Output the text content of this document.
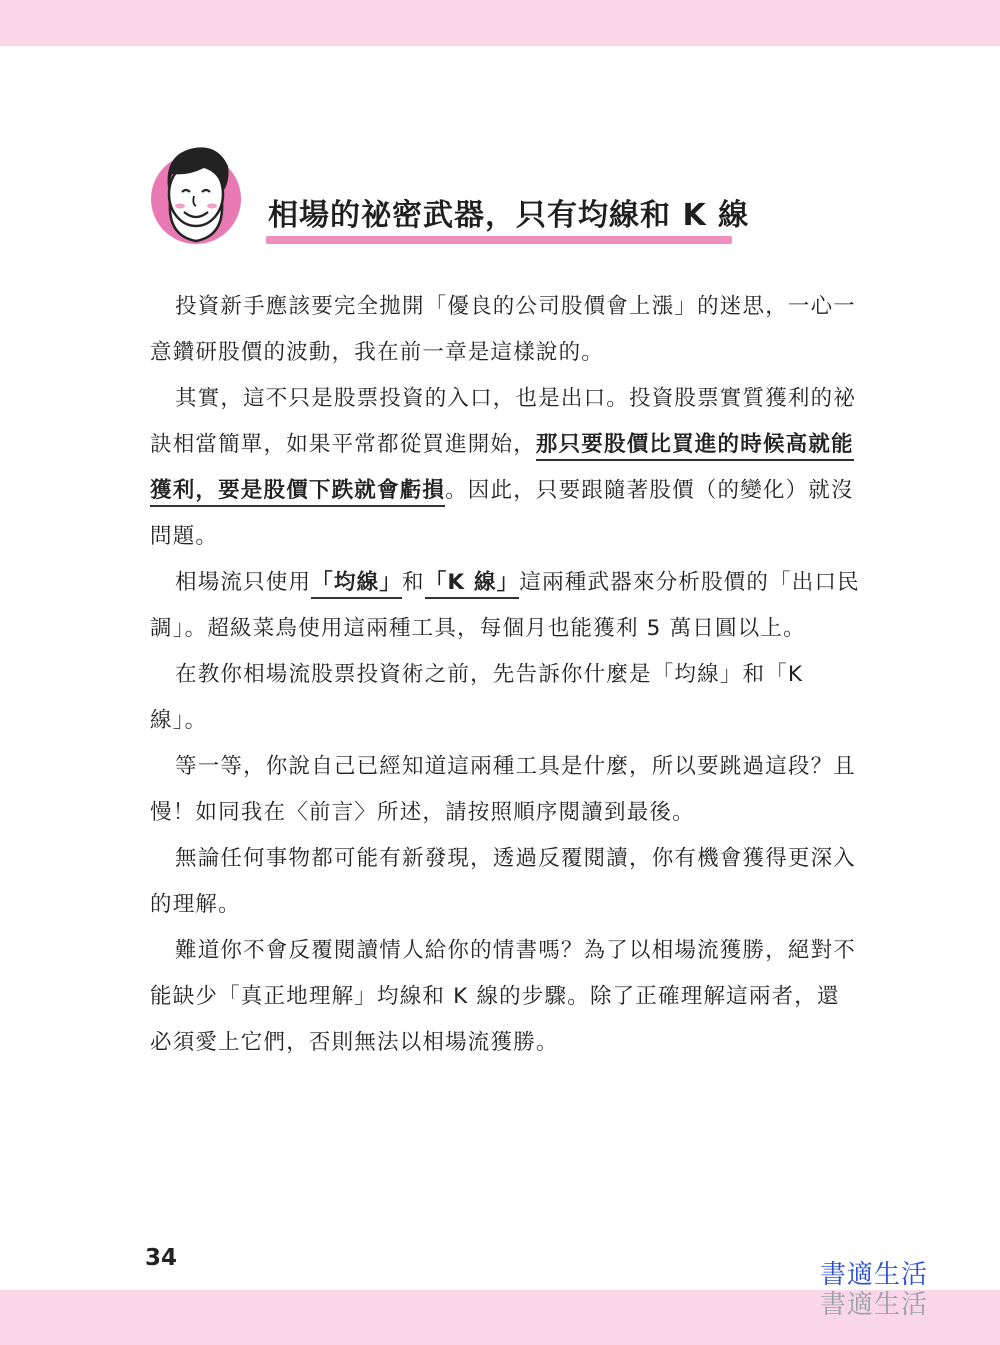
相場的祕密武器，只有均線和 K 線

投資新手應該要完全拋開「優良的公司股價會上漲」的迷思，一心一意鑽研股價的波動，我在前一章是這樣說的。

其實，這不只是股票投資的入口，也是出口。投資股票實質獲利的祕訣相當簡單，如果平常都從買進開始，那只要股價比買進的時候高就能獲利，要是股價下跌就會虧損。因此，只要跟隨著股價（的變化）就沒問題。

相場流只使用「均線」和「K 線」這兩種武器來分析股價的「出口民調」。超級菜鳥使用這兩種工具，每個月也能獲利 5 萬日圓以上。

在教你相場流股票投資術之前，先告訴你什麼是「均線」和「K線」。

等一等，你說自己已經知道這兩種工具是什麼，所以要跳過這段？且慢！如同我在〈前言〉所述，請按照順序閱讀到最後。

無論任何事物都可能有新發現，透過反覆閱讀，你有機會獲得更深入的理解。

難道你不會反覆閱讀情人給你的情書嗎？為了以相場流獲勝，絕對不能缺少「真正地理解」均線和 K 線的步驟。除了正確理解這兩者，還必須愛上它們，否則無法以相場流獲勝。

34
書適生活
書適生活
